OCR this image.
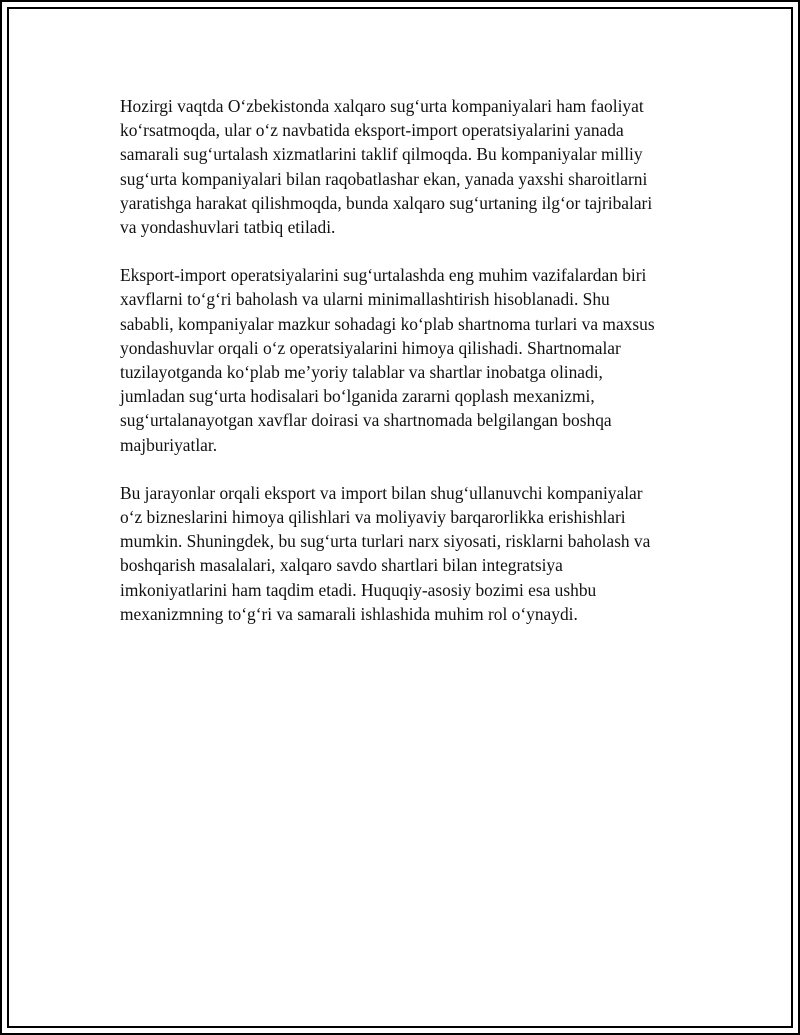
Hozirgi vaqtda O‘zbekistonda xalqaro sug‘urta kompaniyalari ham faoliyat
ko‘rsatmoqda, ular o‘z navbatida eksport-import operatsiyalarini yanada
samarali sug‘urtalash xizmatlarini taklif qilmoqda. Bu kompaniyalar milliy
sug‘urta kompaniyalari bilan raqobatlashar ekan, yanada yaxshi sharoitlarni
yaratishga harakat qilishmoqda, bunda xalqaro sug‘urtaning ilg‘or tajribalari
va yondashuvlari tatbiq etiladi.

Eksport-import operatsiyalarini sug‘urtalashda eng muhim vazifalardan biri
xavflarni to‘g‘ri baholash va ularni minimallashtirish hisoblanadi. Shu
sababli, kompaniyalar mazkur sohadagi ko‘plab shartnoma turlari va maxsus
yondashuvlar orqali o‘z operatsiyalarini himoya qilishadi. Shartnomalar
tuzilayotganda ko‘plab me’yoriy talablar va shartlar inobatga olinadi,
jumladan sug‘urta hodisalari bo‘lganida zararni qoplash mexanizmi,
sug‘urtalanayotgan xavflar doirasi va shartnomada belgilangan boshqa
majburiyatlar.

Bu jarayonlar orqali eksport va import bilan shug‘ullanuvchi kompaniyalar
o‘z bizneslarini himoya qilishlari va moliyaviy barqarorlikka erishishlari
mumkin. Shuningdek, bu sug‘urta turlari narx siyosati, risklarni baholash va
boshqarish masalalari, xalqaro savdo shartlari bilan integratsiya
imkoniyatlarini ham taqdim etadi. Huquqiy-asosiy bozimi esa ushbu
mexanizmning to‘g‘ri va samarali ishlashida muhim rol o‘ynaydi.
